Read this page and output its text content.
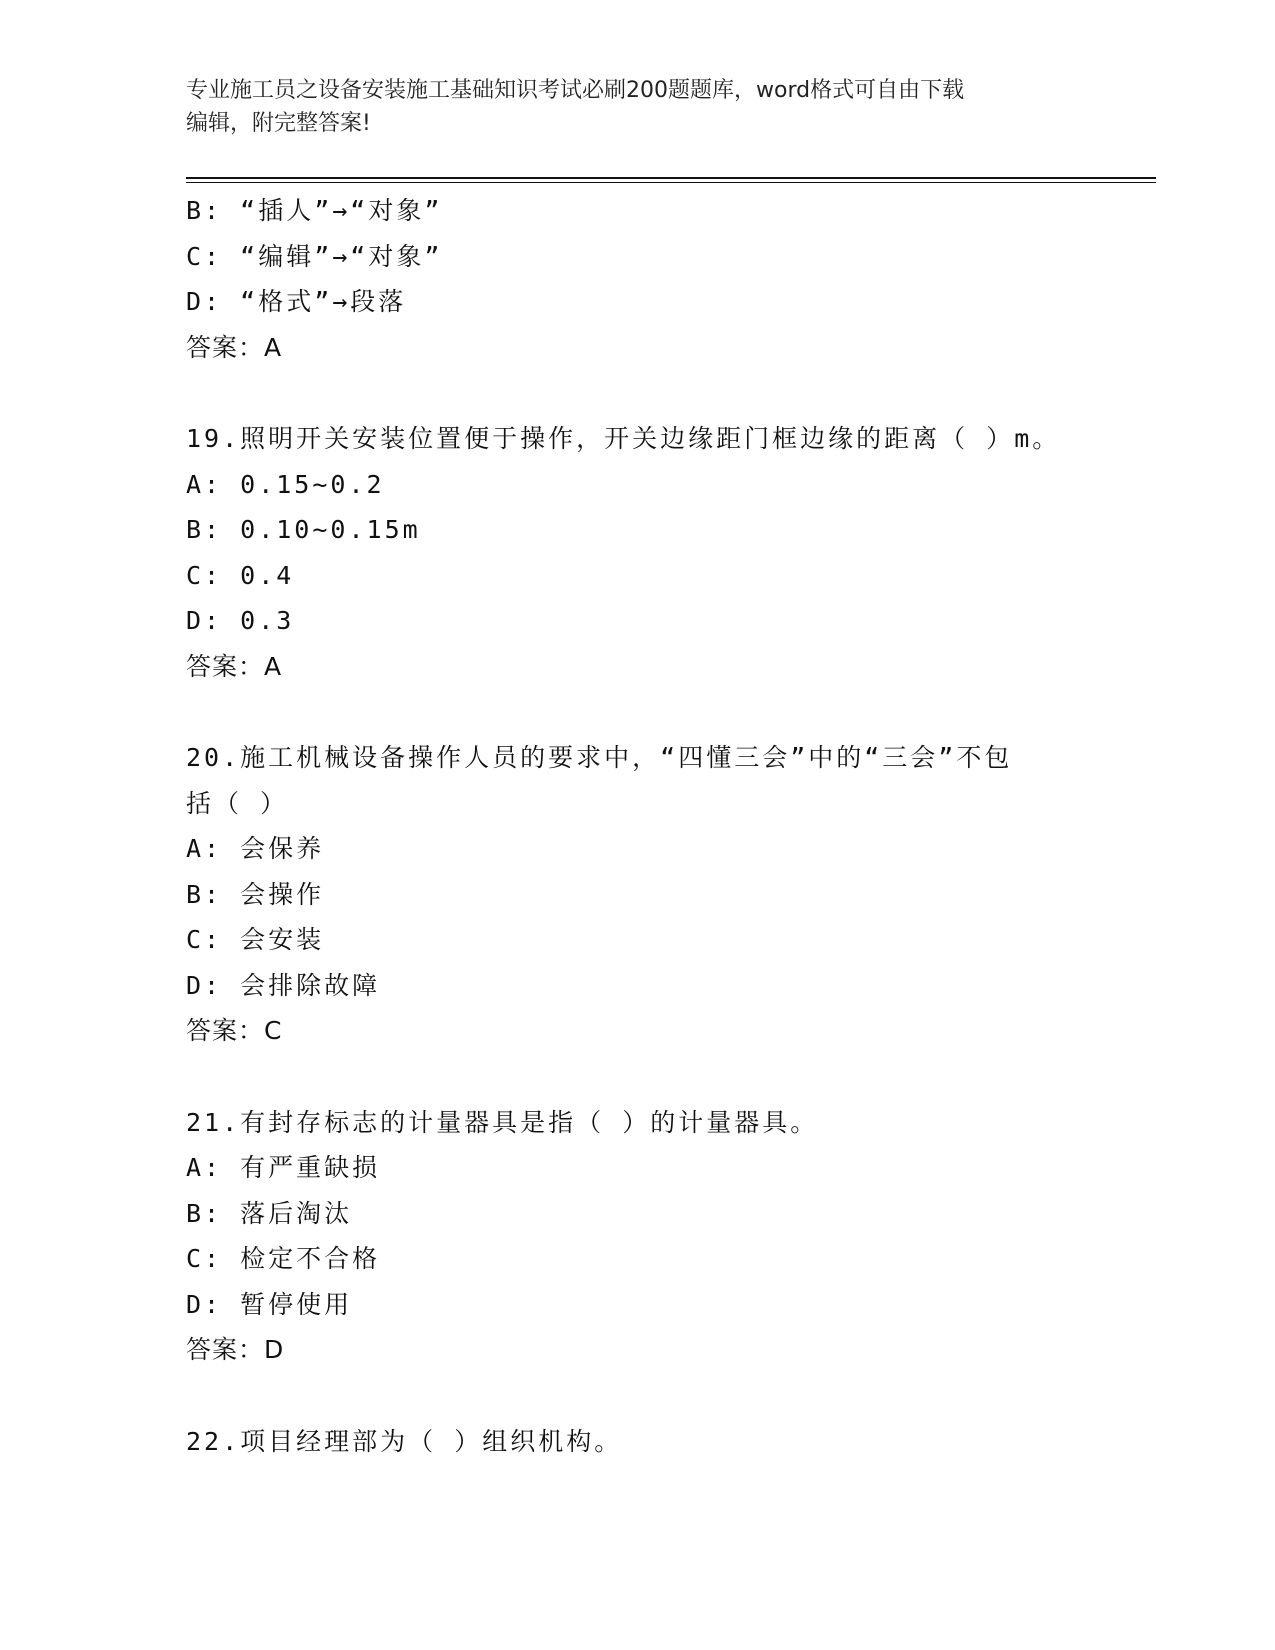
专业施工员之设备安装施工基础知识考试必刷200题题库，word格式可自由下载
编辑，附完整答案!
B: “插人”→“对象”
C: “编辑”→“对象”
D: “格式”→段落
答案：A
19.照明开关安装位置便于操作，开关边缘距门框边缘的距离（ ）m。
A: 0.15~0.2
B: 0.10~0.15m
C: 0.4
D: 0.3
答案：A
20.施工机械设备操作人员的要求中，“四懂三会”中的“三会”不包
括（ ）
A: 会保养
B: 会操作
C: 会安装
D: 会排除故障
答案：C
21.有封存标志的计量器具是指（ ）的计量器具。
A: 有严重缺损
B: 落后淘汰
C: 检定不合格
D: 暂停使用
答案：D
22.项目经理部为（ ）组织机构。
